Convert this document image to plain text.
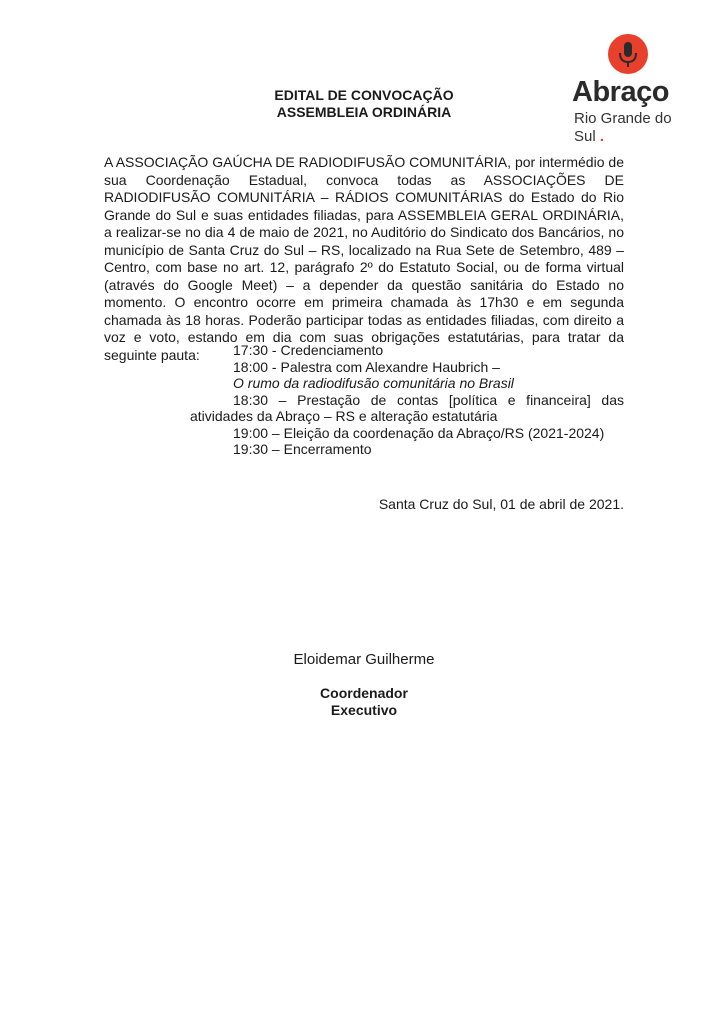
Abraço
Rio Grande do Sul .
EDITAL DE CONVOCAÇÃO
ASSEMBLEIA ORDINÁRIA
A ASSOCIAÇÃO GAÚCHA DE RADIODIFUSÃO COMUNITÁRIA, por intermédio de sua Coordenação Estadual, convoca todas as ASSOCIAÇÕES DE RADIODIFUSÃO COMUNITÁRIA – RÁDIOS COMUNITÁRIAS do Estado do Rio Grande do Sul e suas entidades filiadas, para ASSEMBLEIA GERAL ORDINÁRIA, a realizar-se no dia 4 de maio de 2021, no Auditório do Sindicato dos Bancários, no município de Santa Cruz do Sul – RS, localizado na Rua Sete de Setembro, 489 – Centro, com base no art. 12, parágrafo 2º do Estatuto Social, ou de forma virtual (através do Google Meet) – a depender da questão sanitária do Estado no momento. O encontro ocorre em primeira chamada às 17h30 e em segunda chamada às 18 horas. Poderão participar todas as entidades filiadas, com direito a voz e voto, estando em dia com suas obrigações estatutárias, para tratar da seguinte pauta:	17:30 - Credenciamento
18:00 - Palestra com Alexandre Haubrich –
O rumo da radiodifusão comunitária no Brasil
18:30 – Prestação de contas [política e financeira] das atividades da Abraço – RS e alteração estatutária
19:00 – Eleição da coordenação da Abraço/RS (2021-2024)
19:30 – Encerramento
Santa Cruz do Sul, 01 de abril de 2021.
Eloidemar Guilherme
Coordenador
Executivo
